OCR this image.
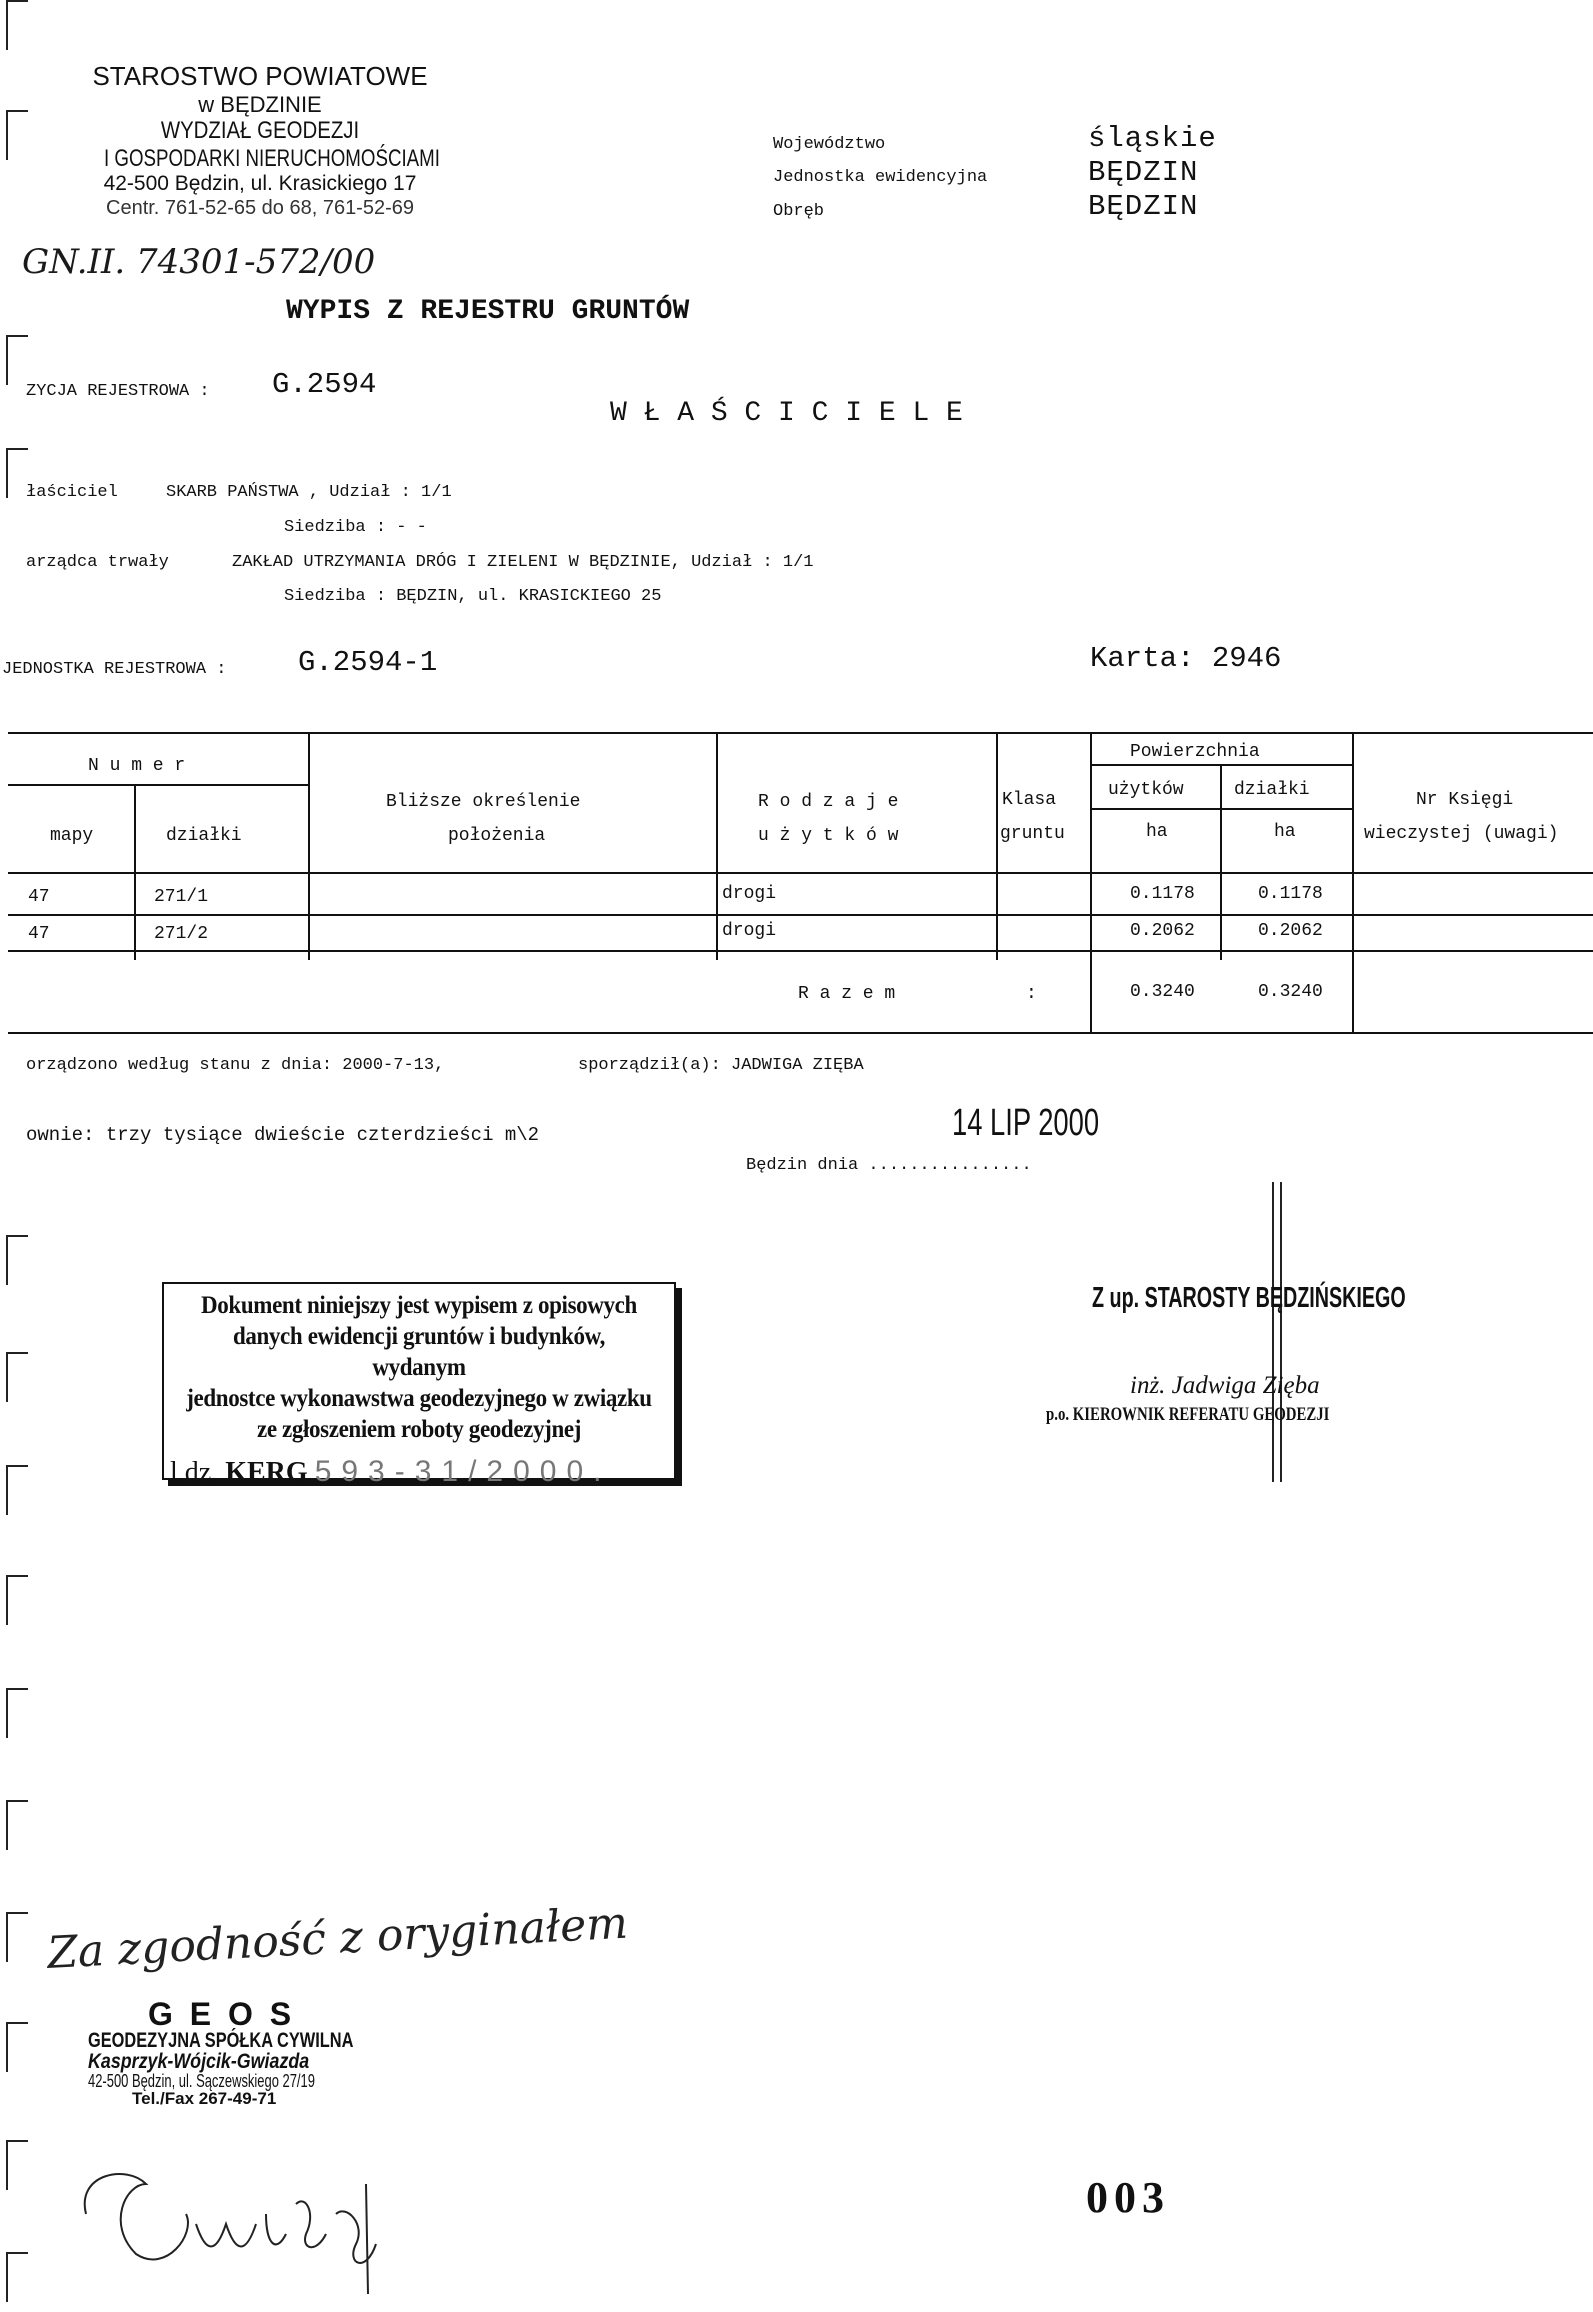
STAROSTWO POWIATOWE
w BĘDZINIE
WYDZIAŁ GEODEZJI
I GOSPODARKI NIERUCHOMOŚCIAMI
42-500 Będzin, ul. Krasickiego 17
Centr. 761-52-65 do 68, 761-52-69
GN.II. 74301-572/00
Województwo	śląskie
Jednostka ewidencyjna	BĘDZIN
Obręb	BĘDZIN
WYPIS Z REJESTRU GRUNTÓW
ZYCJA REJESTROWA : G.2594
W Ł A Ś C I C I E L E
łaściciel	SKARB PAŃSTWA , Udział : 1/1
Siedziba : - -
arządca trwały	ZAKŁAD UTRZYMANIA DRÓG I ZIELENI W BĘDZINIE, Udział : 1/1
Siedziba : BĘDZIN, ul. KRASICKIEGO 25
JEDNOSTKA REJESTROWA : G.2594-1	Karta: 2946
N u m e r
mapy	działki
Bliższe określenie
położenia
R o d z a j e
u ż y t k ó w
Klasa
gruntu
Powierzchnia
użytków	działki
ha	ha
Nr Księgi
wieczystej (uwagi)
47	271/1	drogi	0.1178	0.1178
47	271/2	drogi	0.2062	0.2062
R a z e m	:	0.3240	0.3240
orządzono według stanu z dnia: 2000-7-13,	sporządził(a): JADWIGA ZIĘBA
ownie: trzy tysiące dwieście czterdzieści m\2	14 LIP 2000
Będzin dnia ................
Dokument niniejszy jest wypisem z opisowych
danych ewidencji gruntów i budynków, wydanym
jednostce wykonawstwa geodezyjnego w związku
ze zgłoszeniem roboty geodezyjnej
l.dz. KERG 593-31/2000.
Z up. STAROSTY BĘDZIŃSKIEGO
inż. Jadwiga Zięba
p.o. KIEROWNIK REFERATU GEODEZJI
Za zgodność z oryginałem
G E O S
GEODEZYJNA SPÓŁKA CYWILNA
Kasprzyk-Wójcik-Gwiazda
42-500 Będzin, ul. Sączewskiego 27/19
Tel./Fax 267-49-71
003
